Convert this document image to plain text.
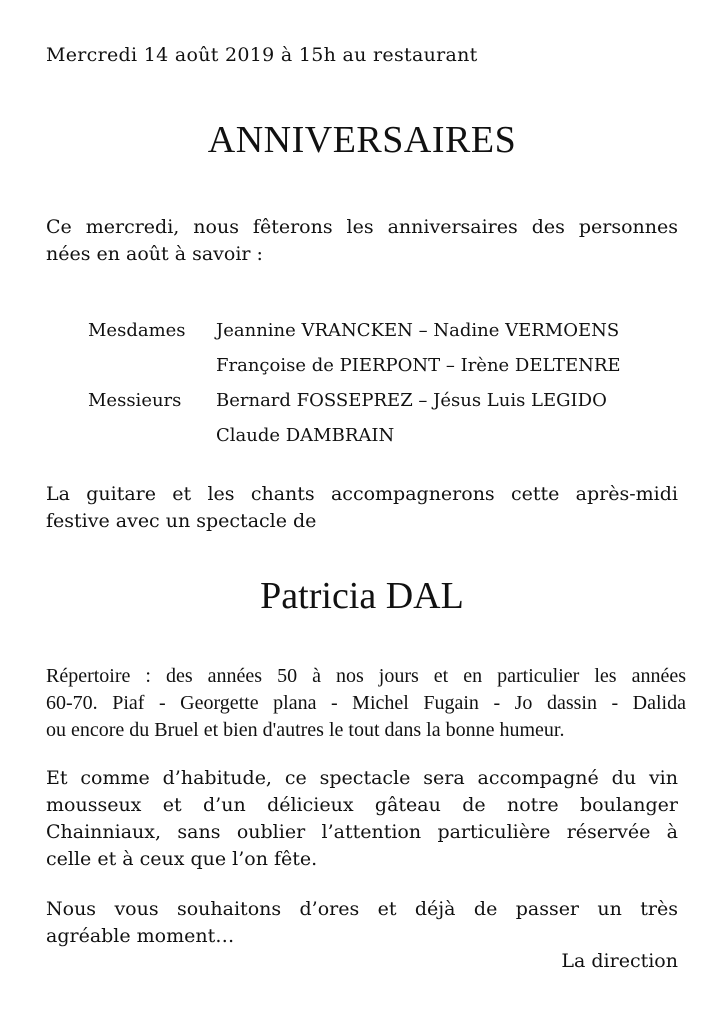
Mercredi 14 août 2019 à 15h au restaurant
ANNIVERSAIRES
Ce mercredi, nous fêterons les anniversaires des personnes
nées en août à savoir :
Mesdames	Jeannine VRANCKEN – Nadine VERMOENS
Françoise de PIERPONT – Irène DELTENRE
Messieurs	Bernard FOSSEPREZ – Jésus Luis LEGIDO
Claude DAMBRAIN
La guitare et les chants accompagnerons cette après-midi
festive avec un spectacle de
Patricia DAL
Répertoire : des années 50 à nos jours et en particulier les années
60-70. Piaf - Georgette plana - Michel Fugain - Jo dassin - Dalida
ou encore du Bruel et bien d'autres le tout dans la bonne humeur.
Et comme d’habitude, ce spectacle sera accompagné du vin
mousseux et d’un délicieux gâteau de notre boulanger
Chainniaux, sans oublier l’attention particulière réservée à
celle et à ceux que l’on fête.
Nous vous souhaitons d’ores et déjà de passer un très
agréable moment…
La direction
